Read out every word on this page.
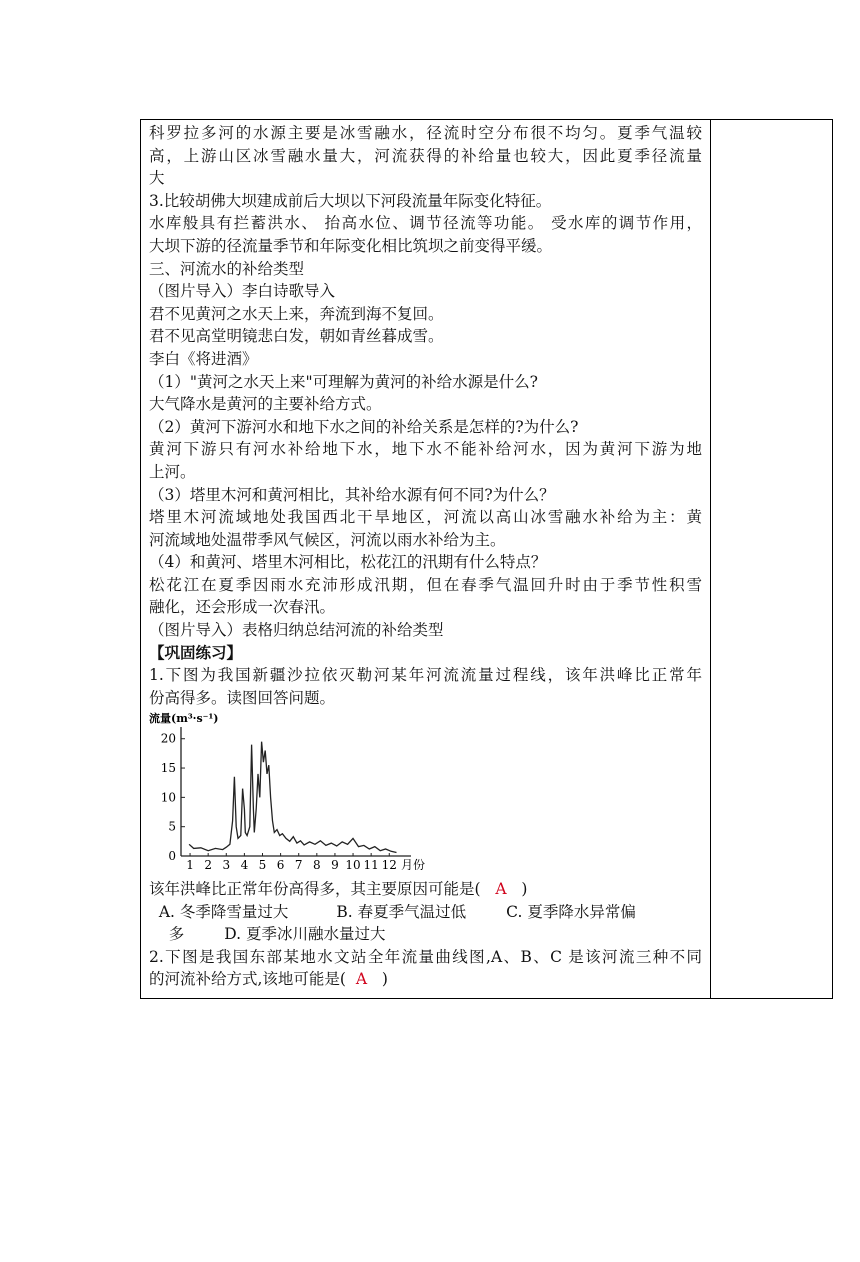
科罗拉多河的水源主要是冰雪融水，径流时空分布很不均匀。夏季气温较

高，上游山区冰雪融水量大，河流获得的补给量也较大，因此夏季径流量

大

3.比较胡佛大坝建成前后大坝以下河段流量年际变化特征。

水库般具有拦蓄洪水、 抬高水位、调节径流等功能。 受水库的调节作用，

大坝下游的径流量季节和年际变化相比筑坝之前变得平缓。

三、河流水的补给类型

（图片导入）李白诗歌导入

君不见黄河之水天上来，奔流到海不复回。

君不见高堂明镜悲白发，朝如青丝暮成雪。

李白《将进酒》

（1）"黄河之水天上来"可理解为黄河的补给水源是什么?

大气降水是黄河的主要补给方式。

（2）黄河下游河水和地下水之间的补给关系是怎样的?为什么?

黄河下游只有河水补给地下水，地下水不能补给河水，因为黄河下游为地

上河。

（3）塔里木河和黄河相比，其补给水源有何不同?为什么？

塔里木河流域地处我国西北干旱地区，河流以高山冰雪融水补给为主：黄

河流域地处温带季风气候区，河流以雨水补给为主。

（4）和黄河、塔里木河相比，松花江的汛期有什么特点？

松花江在夏季因雨水充沛形成汛期，但在春季气温回升时由于季节性积雪

融化，还会形成一次春汛。

（图片导入）表格归纳总结河流的补给类型

【巩固练习】

1.下图为我国新疆沙拉依灭勒河某年河流流量过程线，该年洪峰比正常年

份高得多。读图回答问题。

流量(m³·s⁻¹)
0
5
10
15
20
1 2 3 4 5 6 7 8 9 10 11 12 月份

该年洪峰比正常年份高得多，其主要原因可能是( A )

A. 冬季降雪量过大	B. 春夏季气温过低	C. 夏季降水异常偏

多	D. 夏季冰川融水量过大

2.下图是我国东部某地水文站全年流量曲线图,A、B、C 是该河流三种不同

的河流补给方式,该地可能是( A )
